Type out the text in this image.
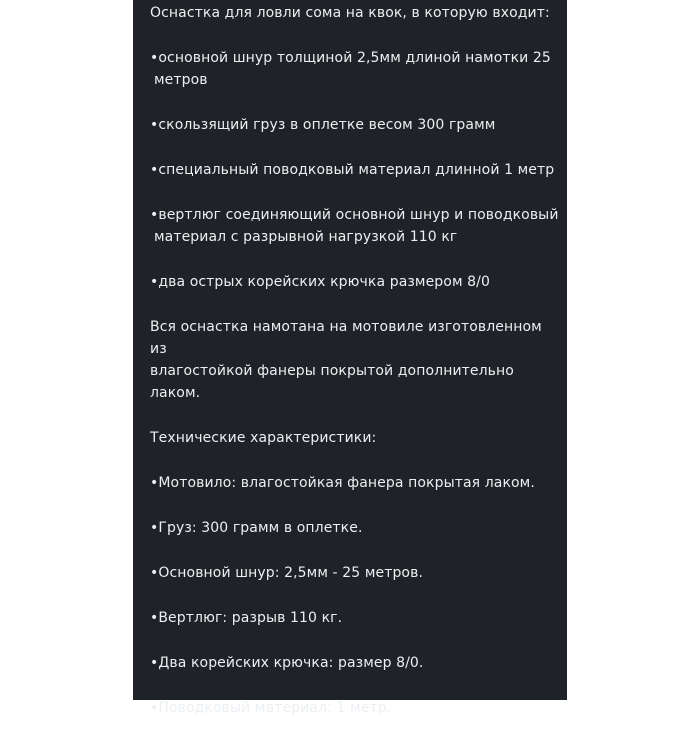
Оснастка для ловли сома на квок, в которую входит:

•основной шнур толщиной 2,5мм длиной намотки 25
метров
•скользящий груз в оплетке весом 300 грамм
•специальный поводковый материал длинной 1 метр
•вертлюг соединяющий основной шнур и поводковый
материал с разрывной нагрузкой 110 кг
•два острых корейских крючка размером 8/0
Вся оснастка намотана на мотовиле изготовленном из
влагостойкой фанеры покрытой дополнительно лаком.

Технические характеристики:

•Мотовило: влагостойкая фанера покрытая лаком.

•Груз: 300 грамм в оплетке.

•Основной шнур: 2,5мм - 25 метров.

•Вертлюг: разрыв 110 кг.

•Два корейских крючка: размер 8/0.

•Поводковый материал: 1 метр.
